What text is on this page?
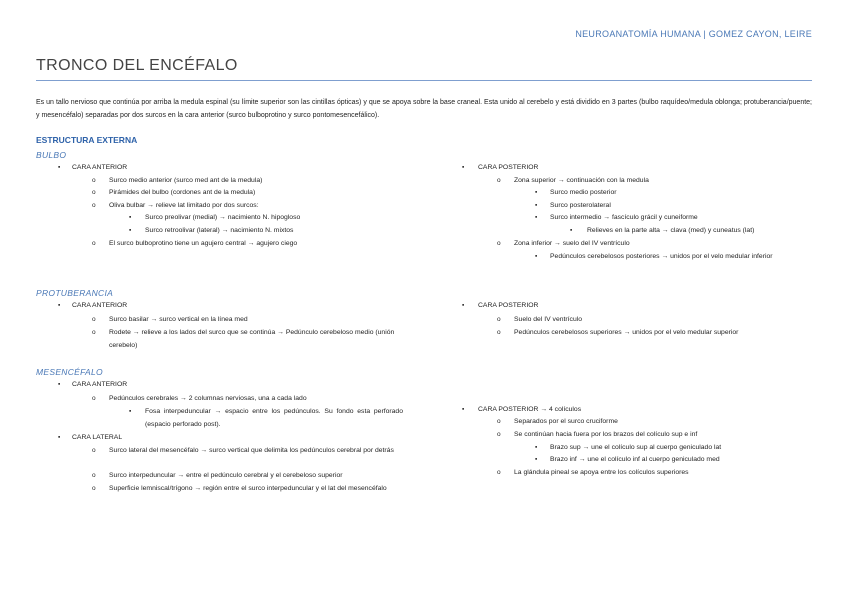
NEUROANATOMÍA HUMANA | GOMEZ CAYON, LEIRE
TRONCO DEL ENCÉFALO
Es un tallo nervioso que continúa por arriba la medula espinal (su límite superior son las cintillas ópticas) y que se apoya sobre la base craneal. Esta unido al cerebelo y está dividido en 3 partes (bulbo raquídeo/medula oblonga; protuberancia/puente; y mesencéfalo) separadas por dos surcos en la cara anterior (surco bulboprotino y surco pontomesencefálico).
ESTRUCTURA EXTERNA
BULBO
▪ CARA ANTERIOR
o Surco medio anterior (surco med ant de la medula)
o Pirámides del bulbo (cordones ant de la medula)
o Oliva bulbar → relieve lat limitado por dos surcos:
▪ Surco preolivar (medial) → nacimiento N. hipogloso
▪ Surco retroolivar (lateral) → nacimiento N. mixtos
o El surco bulboprotino tiene un agujero central → agujero ciego
▪ CARA POSTERIOR
o Zona superior → continuación con la medula
▪ Surco medio posterior
▪ Surco posterolateral
▪ Surco intermedio → fascículo grácil y cuneiforme
▪ Relieves en la parte alta → clava (med) y cuneatus (lat)
o Zona inferior → suelo del IV ventrículo
▪ Pedúnculos cerebelosos posteriores → unidos por el velo medular inferior
PROTUBERANCIA
▪ CARA ANTERIOR
o Surco basilar → surco vertical en la línea med
o Rodete → relieve a los lados del surco que se continúa → Pedúnculo cerebeloso medio (unión cerebelo)
▪ CARA POSTERIOR
o Suelo del IV ventrículo
o Pedúnculos cerebelosos superiores → unidos por el velo medular superior
MESENCÉFALO
▪ CARA ANTERIOR
o Pedúnculos cerebrales → 2 columnas nerviosas, una a cada lado
▪ Fosa interpeduncular → espacio entre los pedúnculos. Su fondo esta perforado (espacio perforado post).
▪ CARA LATERAL
o Surco lateral del mesencéfalo → surco vertical que delimita los pedúnculos cerebral por detrás
o Surco interpeduncular → entre el pedúnculo cerebral y el cerebeloso superior
o Superficie lemniscal/trígono → región entre el surco interpeduncular y el lat del mesencéfalo
▪ CARA POSTERIOR → 4 colículos
o Separados por el surco cruciforme
o Se continúan hacia fuera por los brazos del colículo sup e inf
▪ Brazo sup → une el colículo sup al cuerpo geniculado lat
▪ Brazo inf → une el colículo inf al cuerpo geniculado med
o La glándula pineal se apoya entre los colículos superiores
